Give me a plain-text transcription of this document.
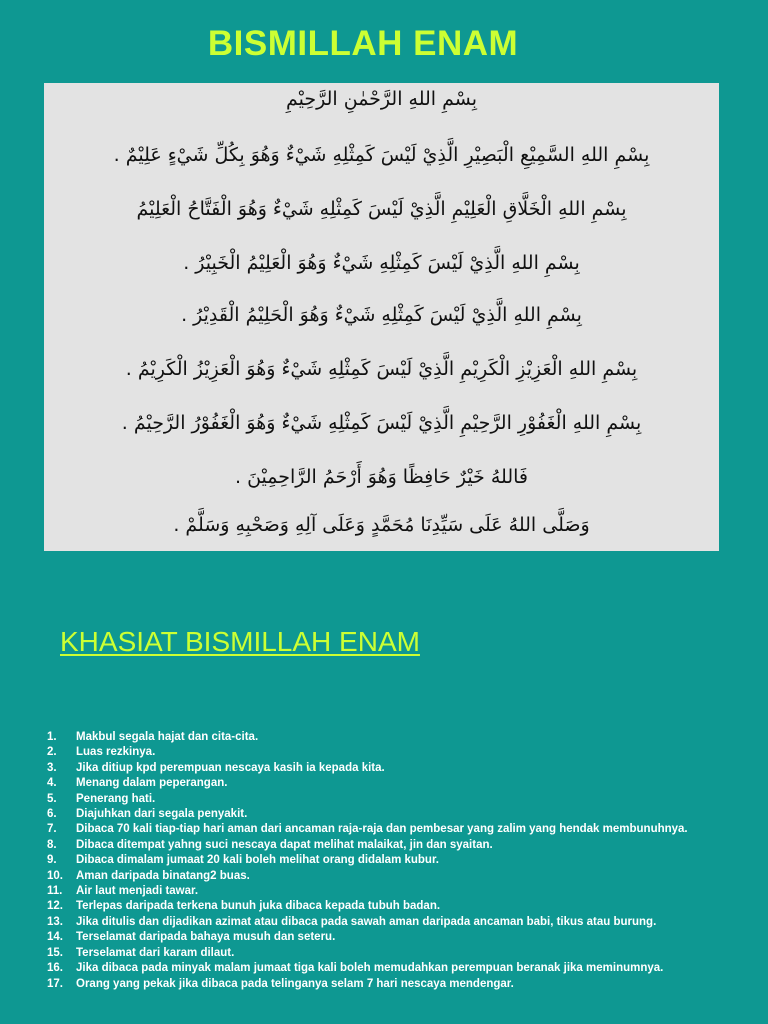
BISMILLAH ENAM
بِسْمِ اللهِ الرَّحْمٰنِ الرَّحِيْمِ
بِسْمِ اللهِ السَّمِيْعِ الْبَصِيْرِ الَّذِيْ لَيْسَ كَمِثْلِهِ شَيْءٌ وَهُوَ بِكُلِّ شَيْءٍ عَلِيْمٌ .
بِسْمِ اللهِ الْخَلَّاقِ الْعَلِيْمِ الَّذِيْ لَيْسَ كَمِثْلِهِ شَيْءٌ وَهُوَ الْفَتَّاحُ الْعَلِيْمُ
بِسْمِ اللهِ الَّذِيْ لَيْسَ كَمِثْلِهِ شَيْءٌ وَهُوَ الْعَلِيْمُ الْخَبِيْرُ .
بِسْمِ اللهِ الَّذِيْ لَيْسَ كَمِثْلِهِ شَيْءٌ وَهُوَ الْحَلِيْمُ الْقَدِيْرُ .
بِسْمِ اللهِ الْعَزِيْزِ الْكَرِيْمِ الَّذِيْ لَيْسَ كَمِثْلِهِ شَيْءٌ وَهُوَ الْعَزِيْزُ الْكَرِيْمُ .
بِسْمِ اللهِ الْغَفُوْرِ الرَّحِيْمِ الَّذِيْ لَيْسَ كَمِثْلِهِ شَيْءٌ وَهُوَ الْغَفُوْرُ الرَّحِيْمُ .
فَاللهُ خَيْرٌ حَافِظًا وَهُوَ أَرْحَمُ الرَّاحِمِيْنَ .
وَصَلَّى اللهُ عَلَى سَيِّدِنَا مُحَمَّدٍ وَعَلَى آلِهِ وَصَحْبِهِ وَسَلَّمْ .
KHASIAT BISMILLAH ENAM
1. Makbul segala hajat dan cita-cita.
2. Luas rezkinya.
3. Jika ditiup kpd perempuan nescaya kasih ia kepada kita.
4. Menang dalam peperangan.
5. Penerang hati.
6. Diajuhkan dari segala penyakit.
7. Dibaca 70 kali tiap-tiap hari aman dari ancaman raja-raja dan pembesar yang zalim yang hendak membunuhnya.
8. Dibaca ditempat yahng suci nescaya dapat melihat malaikat, jin dan syaitan.
9. Dibaca dimalam jumaat 20 kali boleh melihat orang didalam kubur.
10. Aman daripada binatang2 buas.
11. Air laut menjadi tawar.
12. Terlepas daripada terkena bunuh juka dibaca kepada tubuh badan.
13. Jika ditulis dan dijadikan azimat atau dibaca pada sawah aman daripada ancaman babi, tikus atau burung.
14. Terselamat daripada bahaya musuh dan seteru.
15. Terselamat dari karam dilaut.
16. Jika dibaca pada minyak malam jumaat tiga kali boleh memudahkan perempuan beranak jika meminumnya.
17. Orang yang pekak jika dibaca pada telinganya selam 7 hari nescaya mendengar.
